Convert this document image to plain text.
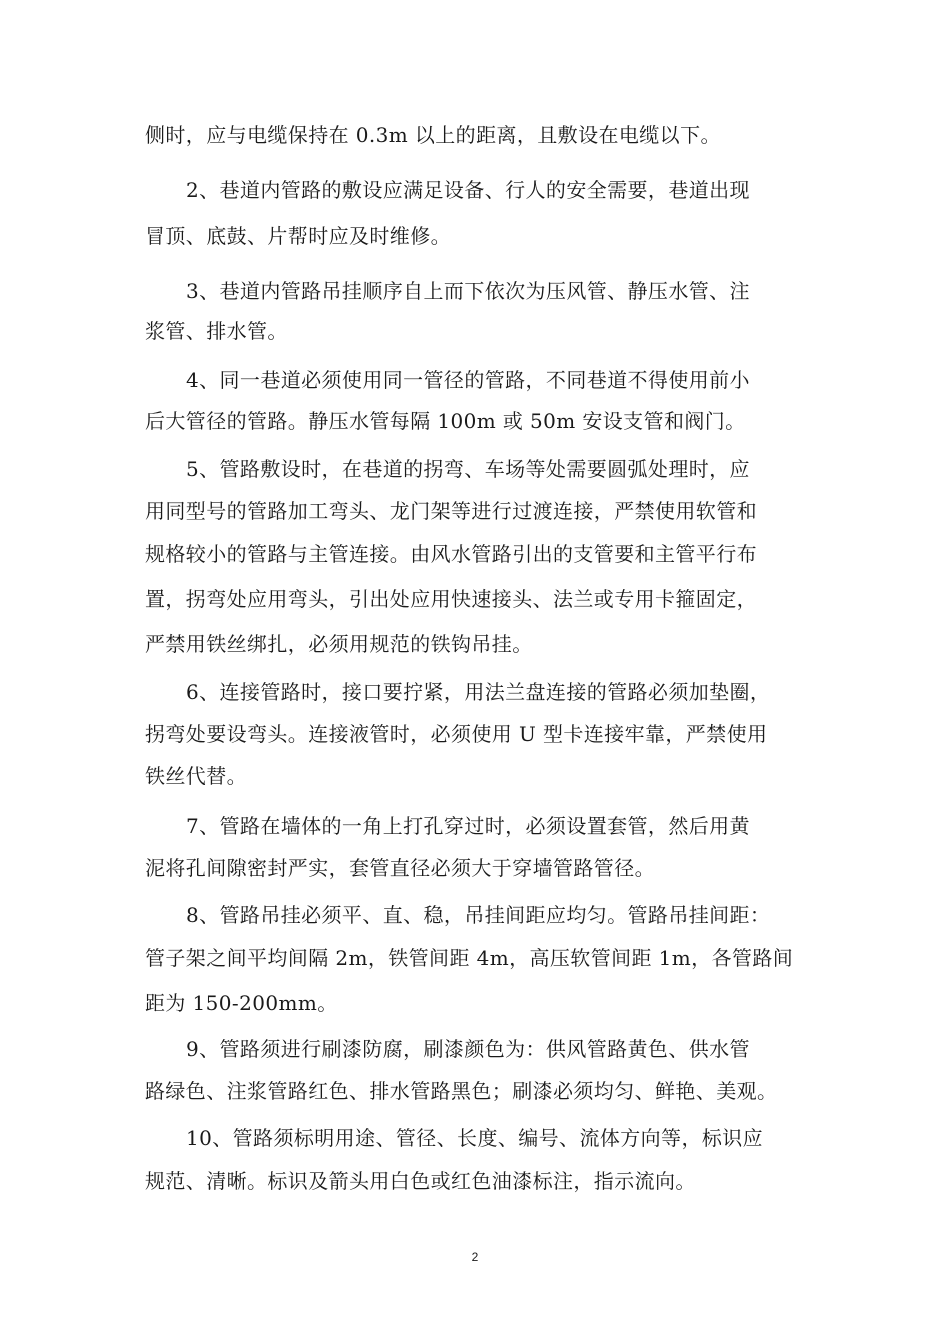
侧时，应与电缆保持在 0.3m 以上的距离，且敷设在电缆以下。
2、巷道内管路的敷设应满足设备、行人的安全需要，巷道出现
冒顶、底鼓、片帮时应及时维修。
3、巷道内管路吊挂顺序自上而下依次为压风管、静压水管、注
浆管、排水管。
4、同一巷道必须使用同一管径的管路，不同巷道不得使用前小
后大管径的管路。静压水管每隔 100m 或 50m 安设支管和阀门。
5、管路敷设时，在巷道的拐弯、车场等处需要圆弧处理时，应
用同型号的管路加工弯头、龙门架等进行过渡连接，严禁使用软管和
规格较小的管路与主管连接。由风水管路引出的支管要和主管平行布
置，拐弯处应用弯头，引出处应用快速接头、法兰或专用卡箍固定，
严禁用铁丝绑扎，必须用规范的铁钩吊挂。
6、连接管路时，接口要拧紧，用法兰盘连接的管路必须加垫圈，
拐弯处要设弯头。连接液管时，必须使用 U 型卡连接牢靠，严禁使用
铁丝代替。
7、管路在墙体的一角上打孔穿过时，必须设置套管，然后用黄
泥将孔间隙密封严实，套管直径必须大于穿墙管路管径。
8、管路吊挂必须平、直、稳，吊挂间距应均匀。管路吊挂间距：
管子架之间平均间隔 2m，铁管间距 4m，高压软管间距 1m，各管路间
距为 150-200mm。
9、管路须进行刷漆防腐，刷漆颜色为：供风管路黄色、供水管
路绿色、注浆管路红色、排水管路黑色；刷漆必须均匀、鲜艳、美观。
10、管路须标明用途、管径、长度、编号、流体方向等，标识应
规范、清晰。标识及箭头用白色或红色油漆标注，指示流向。
2
